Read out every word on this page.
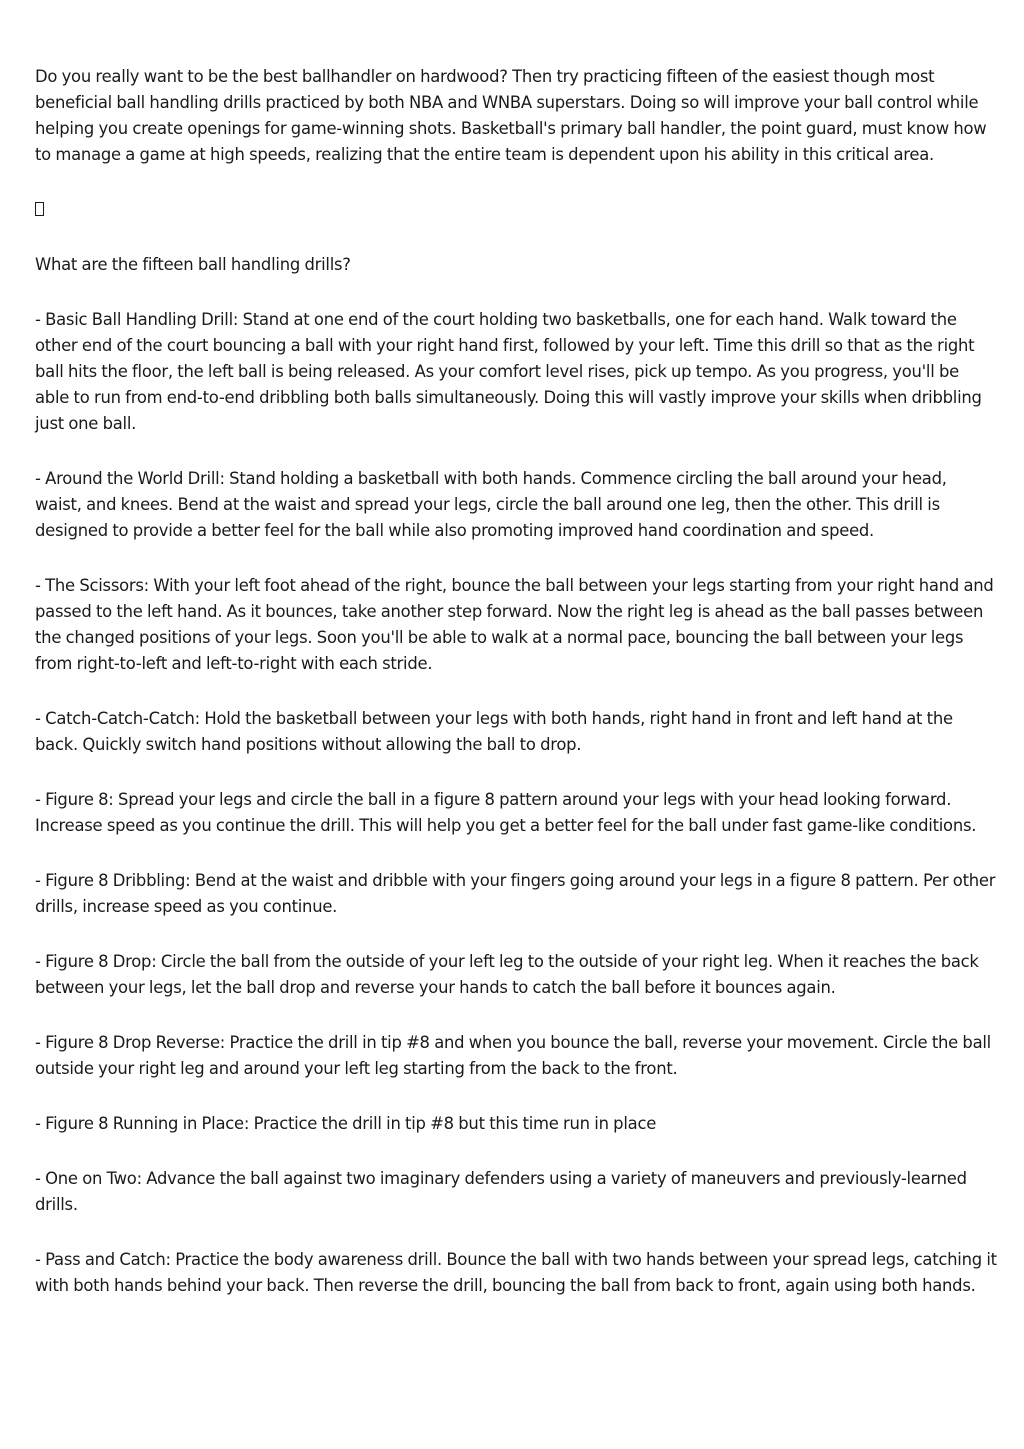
Do you really want to be the best ballhandler on hardwood? Then try practicing fifteen of the easiest though most beneficial ball handling drills practiced by both NBA and WNBA superstars. Doing so will improve your ball control while helping you create openings for game-winning shots. Basketball's primary ball handler, the point guard, must know how to manage a game at high speeds, realizing that the entire team is dependent upon his ability in this critical area.

What are the fifteen ball handling drills?

- Basic Ball Handling Drill: Stand at one end of the court holding two basketballs, one for each hand. Walk toward the other end of the court bouncing a ball with your right hand first, followed by your left. Time this drill so that as the right ball hits the floor, the left ball is being released. As your comfort level rises, pick up tempo. As you progress, you'll be able to run from end-to-end dribbling both balls simultaneously. Doing this will vastly improve your skills when dribbling just one ball.

- Around the World Drill: Stand holding a basketball with both hands. Commence circling the ball around your head, waist, and knees. Bend at the waist and spread your legs, circle the ball around one leg, then the other. This drill is designed to provide a better feel for the ball while also promoting improved hand coordination and speed.

- The Scissors: With your left foot ahead of the right, bounce the ball between your legs starting from your right hand and passed to the left hand. As it bounces, take another step forward. Now the right leg is ahead as the ball passes between the changed positions of your legs. Soon you'll be able to walk at a normal pace, bouncing the ball between your legs from right-to-left and left-to-right with each stride.

- Catch-Catch-Catch: Hold the basketball between your legs with both hands, right hand in front and left hand at the back. Quickly switch hand positions without allowing the ball to drop.

- Figure 8: Spread your legs and circle the ball in a figure 8 pattern around your legs with your head looking forward. Increase speed as you continue the drill. This will help you get a better feel for the ball under fast game-like conditions.

- Figure 8 Dribbling: Bend at the waist and dribble with your fingers going around your legs in a figure 8 pattern. Per other drills, increase speed as you continue.

- Figure 8 Drop: Circle the ball from the outside of your left leg to the outside of your right leg. When it reaches the back between your legs, let the ball drop and reverse your hands to catch the ball before it bounces again.

- Figure 8 Drop Reverse: Practice the drill in tip #8 and when you bounce the ball, reverse your movement. Circle the ball outside your right leg and around your left leg starting from the back to the front.

- Figure 8 Running in Place: Practice the drill in tip #8 but this time run in place

- One on Two: Advance the ball against two imaginary defenders using a variety of maneuvers and previously-learned drills.

- Pass and Catch: Practice the body awareness drill. Bounce the ball with two hands between your spread legs, catching it with both hands behind your back. Then reverse the drill, bouncing the ball from back to front, again using both hands.
